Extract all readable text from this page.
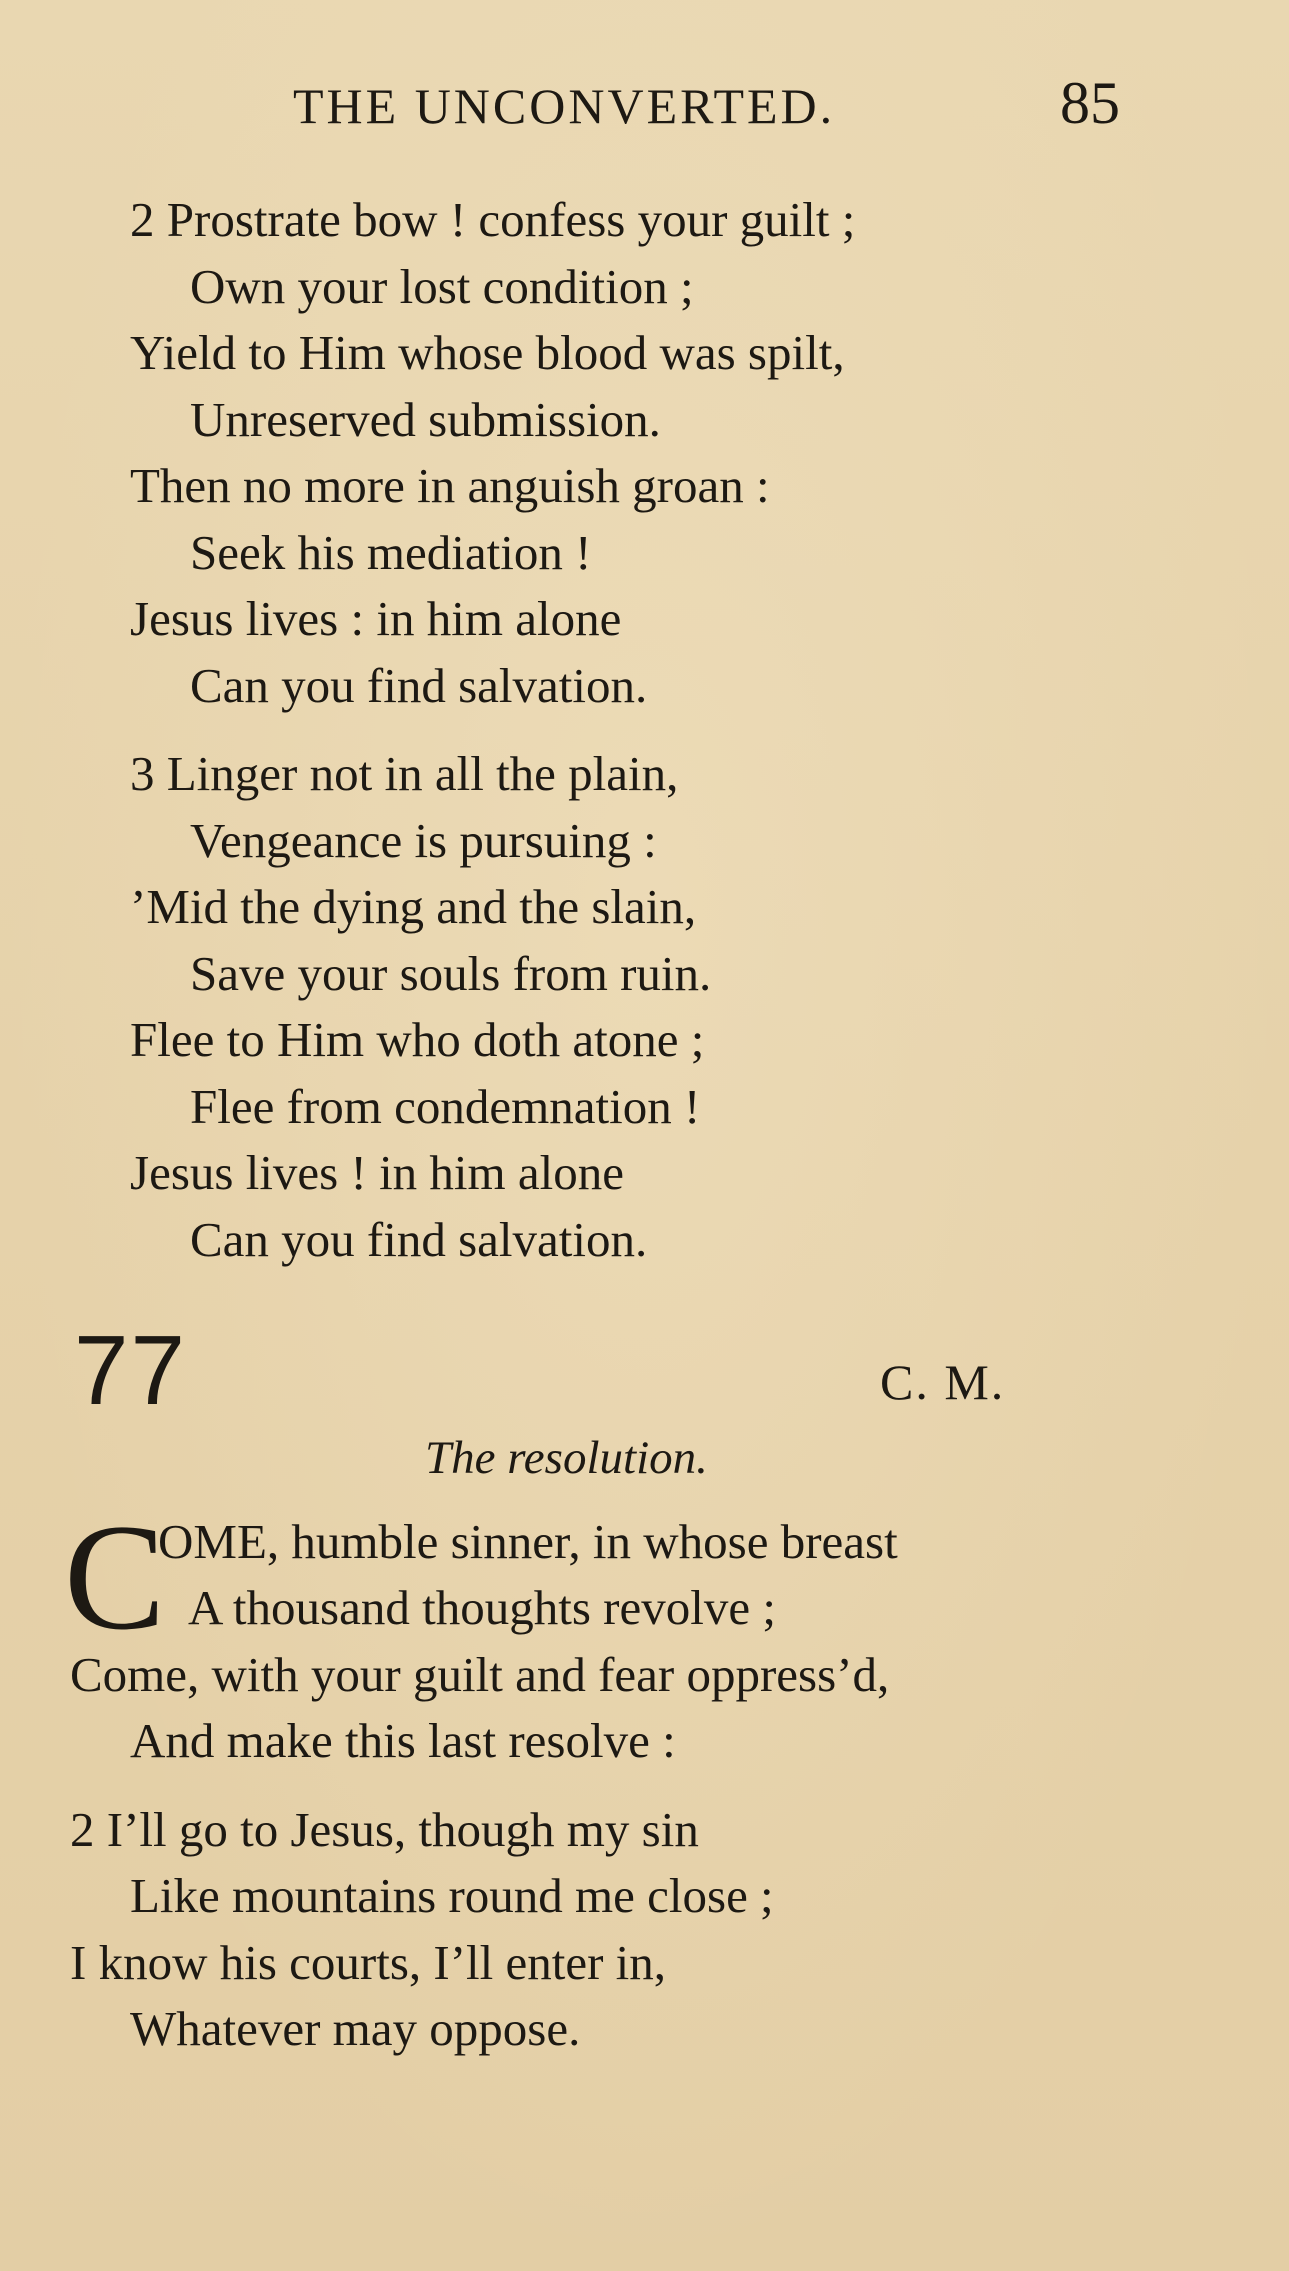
THE UNCONVERTED.	85
2 Prostrate bow ! confess your guilt ;
Own your lost condition ;
Yield to Him whose blood was spilt,
Unreserved submission.
Then no more in anguish groan :
Seek his mediation !
Jesus lives : in him alone
Can you find salvation.
3 Linger not in all the plain,
Vengeance is pursuing :
’Mid the dying and the slain,
Save your souls from ruin.
Flee to Him who doth atone ;
Flee from condemnation !
Jesus lives ! in him alone
Can you find salvation.
77	C. M.
The resolution.
C
OME, humble sinner, in whose breast
A thousand thoughts revolve ;
Come, with your guilt and fear oppress’d,
And make this last resolve :
2 I’ll go to Jesus, though my sin
Like mountains round me close ;
I know his courts, I’ll enter in,
Whatever may oppose.
